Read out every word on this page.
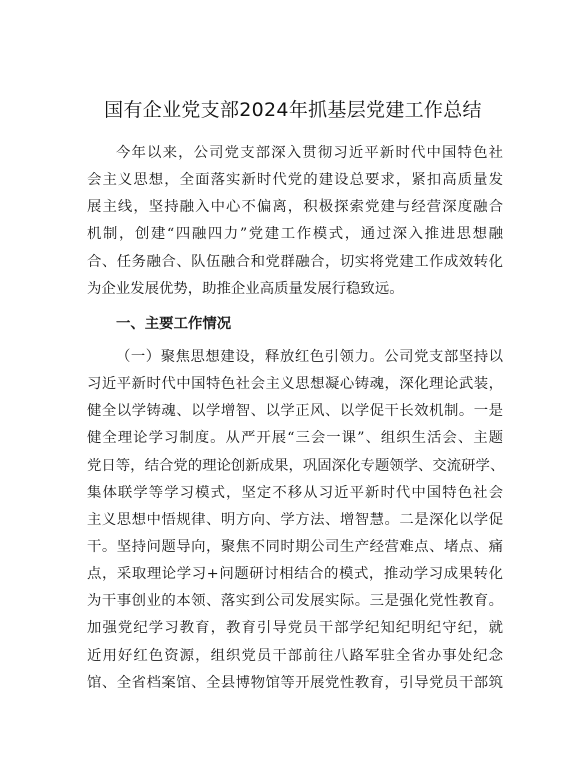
国有企业党支部2024年抓基层党建工作总结
今年以来，公司党支部深入贯彻习近平新时代中国特色社
会主义思想，全面落实新时代党的建设总要求，紧扣高质量发
展主线，坚持融入中心不偏离，积极探索党建与经营深度融合
机制，创建“四融四力”党建工作模式，通过深入推进思想融
合、任务融合、队伍融合和党群融合，切实将党建工作成效转化
为企业发展优势，助推企业高质量发展行稳致远。
一、主要工作情况
（一）聚焦思想建设，释放红色引领力。公司党支部坚持以
习近平新时代中国特色社会主义思想凝心铸魂，深化理论武装，
健全以学铸魂、以学增智、以学正风、以学促干长效机制。一是
健全理论学习制度。从严开展“三会一课”、组织生活会、主题
党日等，结合党的理论创新成果，巩固深化专题领学、交流研学、
集体联学等学习模式，坚定不移从习近平新时代中国特色社会
主义思想中悟规律、明方向、学方法、增智慧。二是深化以学促
干。坚持问题导向，聚焦不同时期公司生产经营难点、堵点、痛
点，采取理论学习+问题研讨相结合的模式，推动学习成果转化
为干事创业的本领、落实到公司发展实际。三是强化党性教育。
加强党纪学习教育，教育引导党员干部学纪知纪明纪守纪，就
近用好红色资源，组织党员干部前往八路军驻全省办事处纪念
馆、全省档案馆、全县博物馆等开展党性教育，引导党员干部筑
